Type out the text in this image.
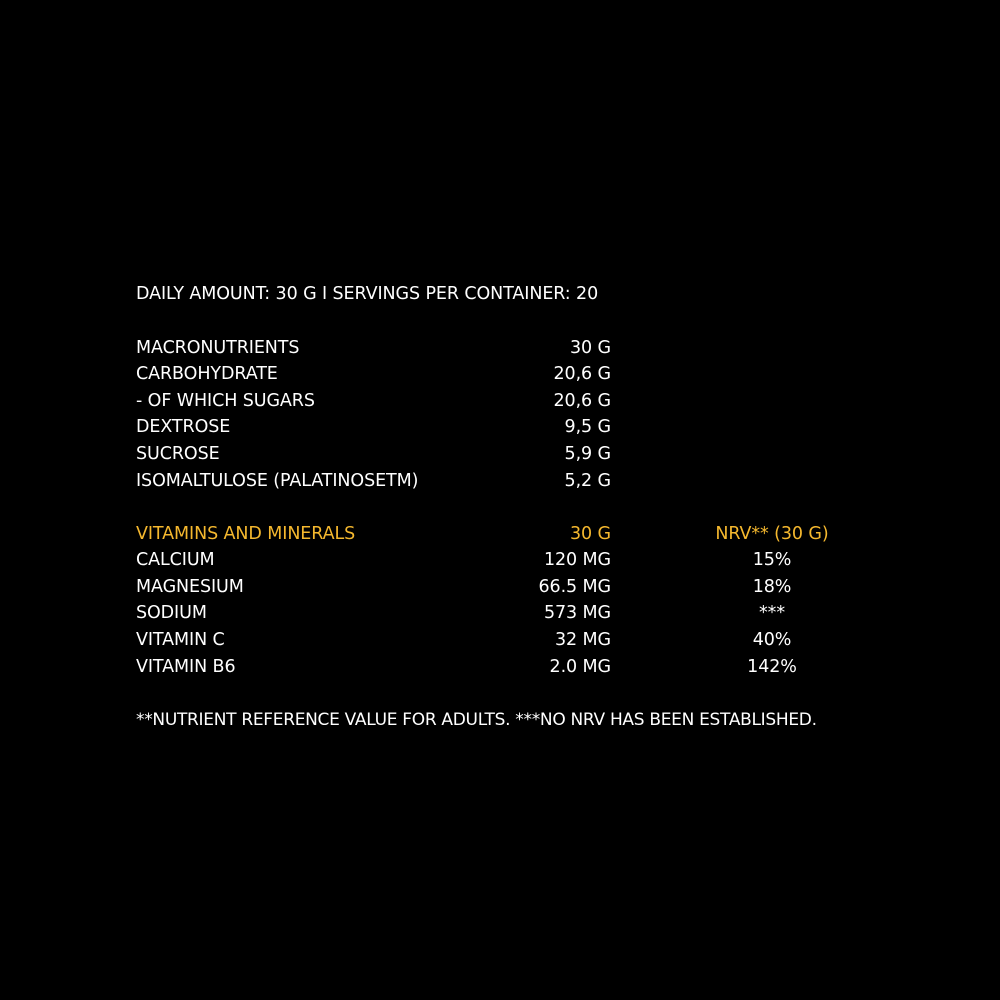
DAILY AMOUNT: 30 G I SERVINGS PER CONTAINER: 20
MACRONUTRIENTS	30 G
CARBOHYDRATE	20,6 G
- OF WHICH SUGARS	20,6 G
DEXTROSE	9,5 G
SUCROSE	5,9 G
ISOMALTULOSE (PALATINOSETM)	5,2 G
VITAMINS AND MINERALS	30 G	NRV** (30 G)
CALCIUM	120 MG	15%
MAGNESIUM	66.5 MG	18%
SODIUM	573 MG	***
VITAMIN C	32 MG	40%
VITAMIN B6	2.0 MG	142%
**NUTRIENT REFERENCE VALUE FOR ADULTS. ***NO NRV HAS BEEN ESTABLISHED.
